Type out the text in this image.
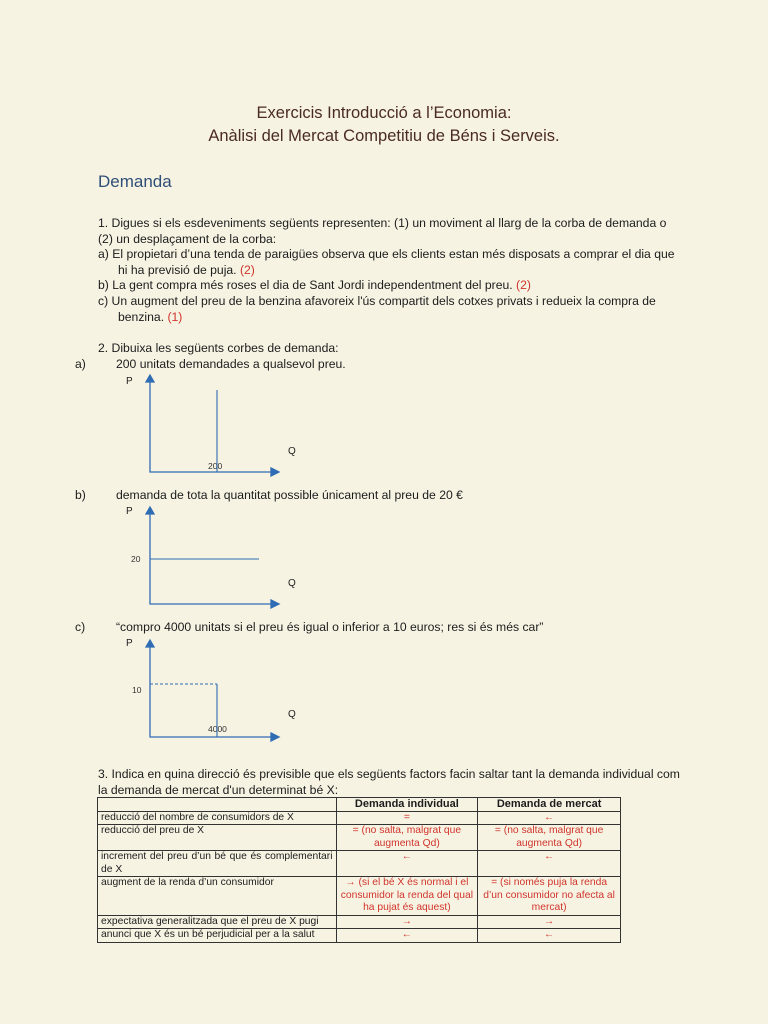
Exercicis Introducció a l’Economia:
Anàlisi del Mercat Competitiu de Béns i Serveis.
Demanda
1. Digues si els esdeveniments següents representen: (1) un moviment al llarg de la corba de demanda o
(2) un desplaçament de la corba:
a) El propietari d’una tenda de paraigües observa que els clients estan més disposats a comprar el dia que
hi ha previsió de puja. (2)
b) La gent compra més roses el dia de Sant Jordi independentment del preu. (2)
c) Un augment del preu de la benzina afavoreix l'ús compartit dels cotxes privats i redueix la compra de
benzina. (1)
2. Dibuixa les següents corbes de demanda:
a) 200 unitats demandades a qualsevol preu.
P
Q
200
b) demanda de tota la quantitat possible únicament al preu de 20 €
P
Q
20
c)	“compro 4000 unitats si el preu és igual o inferior a 10 euros; res si és més car”
P
Q
10
4000
3. Indica en quina direcció és previsible que els següents factors facin saltar tant la demanda individual com
la demanda de mercat d'un determinat bé X:
	Demanda individual	Demanda de mercat
reducció del nombre de consumidors de X	=	←
reducció del preu de X	= (no salta, malgrat que augmenta Qd)	= (no salta, malgrat que augmenta Qd)
increment del preu d’un bé que és complementari de X	←	←
augment de la renda d’un consumidor	→ (si el bé X és normal i el consumidor la renda del qual ha pujat és aquest)	= (si només puja la renda d’un consumidor no afecta al mercat)
expectativa generalitzada que el preu de X pugi	→	→
anunci que X és un bé perjudicial per a la salut	←	←
